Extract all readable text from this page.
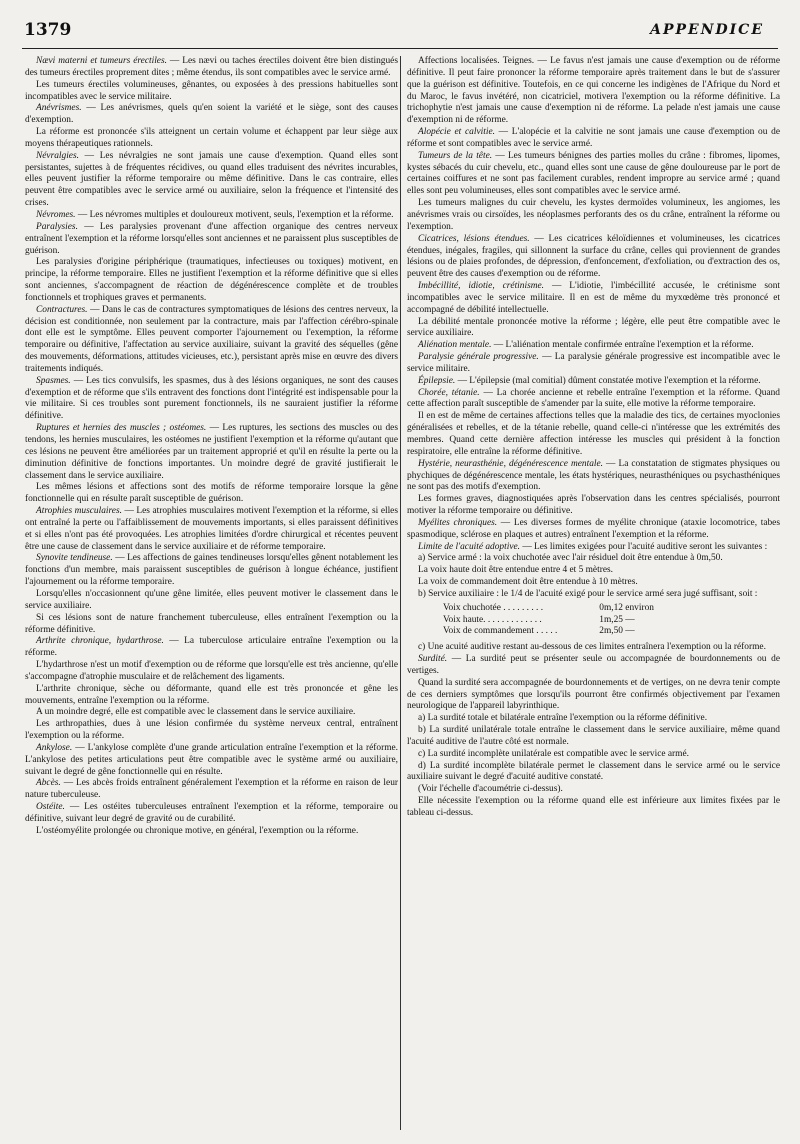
1379	APPENDICE

Nævi materni et tumeurs érectiles. — Les nævi ou taches érectiles doivent être bien distingués des tumeurs érectiles proprement dites ; même étendus, ils sont compatibles avec le service armé.

Les tumeurs érectiles volumineuses, gênantes, ou exposées à des pressions habituelles sont incompatibles avec le service militaire.

Anévrismes. — Les anévrismes, quels qu'en soient la variété et le siège, sont des causes d'exemption.

La réforme est prononcée s'ils atteignent un certain volume et échappent par leur siège aux moyens thérapeutiques rationnels.

Névralgies. — Les névralgies ne sont jamais une cause d'exemption. Quand elles sont persistantes, sujettes à de fréquentes récidives, ou quand elles traduisent des névrites incurables, elles peuvent justifier la réforme temporaire ou même définitive. Dans le cas contraire, elles peuvent être compatibles avec le service armé ou auxiliaire, selon la fréquence et l'intensité des crises.

Névromes. — Les névromes multiples et douloureux motivent, seuls, l'exemption et la réforme.

Paralysies. — Les paralysies provenant d'une affection organique des centres nerveux entraînent l'exemption et la réforme lorsqu'elles sont anciennes et ne paraissent plus susceptibles de guérison.

Les paralysies d'origine périphérique (traumatiques, infectieuses ou toxiques) motivent, en principe, la réforme temporaire. Elles ne justifient l'exemption et la réforme définitive que si elles sont anciennes, s'accompagnent de réaction de dégénérescence complète et de troubles fonctionnels et trophiques graves et permanents.

Contractures. — Dans le cas de contractures symptomatiques de lésions des centres nerveux, la décision est conditionnée, non seulement par la contracture, mais par l'affection cérébro-spinale dont elle est le symptôme. Elles peuvent comporter l'ajournement ou l'exemption, la réforme temporaire ou définitive, l'affectation au service auxiliaire, suivant la gravité des séquelles (gêne des mouvements, déformations, attitudes vicieuses, etc.), persistant après mise en œuvre des divers traitements indiqués.

Spasmes. — Les tics convulsifs, les spasmes, dus à des lésions organiques, ne sont des causes d'exemption et de réforme que s'ils entravent des fonctions dont l'intégrité est indispensable pour la vie militaire. Si ces troubles sont purement fonctionnels, ils ne sauraient justifier la réforme définitive.

Ruptures et hernies des muscles ; ostéomes. — Les ruptures, les sections des muscles ou des tendons, les hernies musculaires, les ostéomes ne justifient l'exemption et la réforme qu'autant que ces lésions ne peuvent être améliorées par un traitement approprié et qu'il en résulte la perte ou la diminution définitive de fonctions importantes. Un moindre degré de gravité justifierait le classement dans le service auxiliaire.

Les mêmes lésions et affections sont des motifs de réforme temporaire lorsque la gêne fonctionnelle qui en résulte paraît susceptible de guérison.

Atrophies musculaires. — Les atrophies musculaires motivent l'exemption et la réforme, si elles ont entraîné la perte ou l'affaiblissement de mouvements importants, si elles paraissent définitives et si elles n'ont pas été provoquées. Les atrophies limitées d'ordre chirurgical et récentes peuvent être une cause de classement dans le service auxiliaire et de réforme temporaire.

Synovite tendineuse. — Les affections de gaines tendineuses lorsqu'elles gênent notablement les fonctions d'un membre, mais paraissent susceptibles de guérison à longue échéance, justifient l'ajournement ou la réforme temporaire.

Lorsqu'elles n'occasionnent qu'une gêne limitée, elles peuvent motiver le classement dans le service auxiliaire.

Si ces lésions sont de nature franchement tuberculeuse, elles entraînent l'exemption ou la réforme définitive.

Arthrite chronique, hydarthrose. — La tuberculose articulaire entraîne l'exemption ou la réforme.

L'hydarthrose n'est un motif d'exemption ou de réforme que lorsqu'elle est très ancienne, qu'elle s'accompagne d'atrophie musculaire et de relâchement des ligaments.

L'arthrite chronique, sèche ou déformante, quand elle est très prononcée et gêne les mouvements, entraîne l'exemption ou la réforme.

A un moindre degré, elle est compatible avec le classement dans le service auxiliaire.

Les arthropathies, dues à une lésion confirmée du système nerveux central, entraînent l'exemption ou la réforme.

Ankylose. — L'ankylose complète d'une grande articulation entraîne l'exemption et la réforme. L'ankylose des petites articulations peut être compatible avec le système armé ou auxiliaire, suivant le degré de gêne fonctionnelle qui en résulte.

Abcès. — Les abcès froids entraînent généralement l'exemption et la réforme en raison de leur nature tuberculeuse.

Ostéite. — Les ostéites tuberculeuses entraînent l'exemption et la réforme, temporaire ou définitive, suivant leur degré de gravité ou de curabilité.

L'ostéomyélite prolongée ou chronique motive, en général, l'exemption ou la réforme.

Affections localisées. Teignes. — Le favus n'est jamais une cause d'exemption ou de réforme définitive. Il peut faire prononcer la réforme temporaire après traitement dans le but de s'assurer que la guérison est définitive. Toutefois, en ce qui concerne les indigènes de l'Afrique du Nord et du Maroc, le favus invétéré, non cicatriciel, motivera l'exemption ou la réforme définitive. La trichophytie n'est jamais une cause d'exemption ni de réforme. La pelade n'est jamais une cause d'exemption ni de réforme.

Alopécie et calvitie. — L'alopécie et la calvitie ne sont jamais une cause d'exemption ou de réforme et sont compatibles avec le service armé.

Tumeurs de la tête. — Les tumeurs bénignes des parties molles du crâne : fibromes, lipomes, kystes sébacés du cuir chevelu, etc., quand elles sont une cause de gêne douloureuse par le port de certaines coiffures et ne sont pas facilement curables, rendent impropre au service armé ; quand elles sont peu volumineuses, elles sont compatibles avec le service armé.

Les tumeurs malignes du cuir chevelu, les kystes dermoïdes volumineux, les angiomes, les anévrismes vrais ou cirsoïdes, les néoplasmes perforants des os du crâne, entraînent la réforme ou l'exemption.

Cicatrices, lésions étendues. — Les cicatrices kéloïdiennes et volumineuses, les cicatrices étendues, inégales, fragiles, qui sillonnent la surface du crâne, celles qui proviennent de grandes lésions ou de plaies profondes, de dépression, d'enfoncement, d'exfoliation, ou d'extraction des os, peuvent être des causes d'exemption ou de réforme.

Imbécillité, idiotie, crétinisme. — L'idiotie, l'imbécillité accusée, le crétinisme sont incompatibles avec le service militaire. Il en est de même du myxœdème très prononcé et accompagné de débilité intellectuelle.

La débilité mentale prononcée motive la réforme ; légère, elle peut être compatible avec le service auxiliaire.

Aliénation mentale. — L'aliénation mentale confirmée entraîne l'exemption et la réforme.

Paralysie générale progressive. — La paralysie générale progressive est incompatible avec le service militaire.

Épilepsie. — L'épilepsie (mal comitial) dûment constatée motive l'exemption et la réforme.

Chorée, tétanie. — La chorée ancienne et rebelle entraîne l'exemption et la réforme. Quand cette affection paraît susceptible de s'amender par la suite, elle motive la réforme temporaire.

Il en est de même de certaines affections telles que la maladie des tics, de certaines myoclonies généralisées et rebelles, et de la tétanie rebelle, quand celle-ci n'intéresse que les extrémités des membres. Quand cette dernière affection intéresse les muscles qui président à la fonction respiratoire, elle entraîne la réforme définitive.

Hystérie, neurasthénie, dégénérescence mentale. — La constatation de stigmates physiques ou phychiques de dégénérescence mentale, les états hystériques, neurasthéniques ou psychasthéniques ne sont pas des motifs d'exemption.

Les formes graves, diagnostiquées après l'observation dans les centres spécialisés, pourront motiver la réforme temporaire ou définitive.

Myélites chroniques. — Les diverses formes de myélite chronique (ataxie locomotrice, tabes spasmodique, sclérose en plaques et autres) entraînent l'exemption et la réforme.

Limite de l'acuité adoptive. — Les limites exigées pour l'acuité auditive seront les suivantes :

a) Service armé : la voix chuchotée avec l'air résiduel doit être entendue à 0m,50.

La voix haute doit être entendue entre 4 et 5 mètres.

La voix de commandement doit être entendue à 10 mètres.

b) Service auxiliaire : le 1/4 de l'acuité exigé pour le service armé sera jugé suffisant, soit :

Voix chuchotée . . . . . . . . .	0m,12 environ
Voix haute. . . . . . . . . . . . .	1m,25 —
Voix de commandement . . . . .	2m,50 —

c) Une acuité auditive restant au-dessous de ces limites entraînera l'exemption ou la réforme.

Surdité. — La surdité peut se présenter seule ou accompagnée de bourdonnements ou de vertiges.

Quand la surdité sera accompagnée de bourdonnements et de vertiges, on ne devra tenir compte de ces derniers symptômes que lorsqu'ils pourront être confirmés objectivement par l'examen neurologique de l'appareil labyrinthique.

a) La surdité totale et bilatérale entraîne l'exemption ou la réforme définitive.

b) La surdité unilatérale totale entraîne le classement dans le service auxiliaire, même quand l'acuité auditive de l'autre côté est normale.

c) La surdité incomplète unilatérale est compatible avec le service armé.

d) La surdité incomplète bilatérale permet le classement dans le service armé ou le service auxiliaire suivant le degré d'acuité auditive constaté.

(Voir l'échelle d'acoumétrie ci-dessus).

Elle nécessite l'exemption ou la réforme quand elle est inférieure aux limites fixées par le tableau ci-dessus.
